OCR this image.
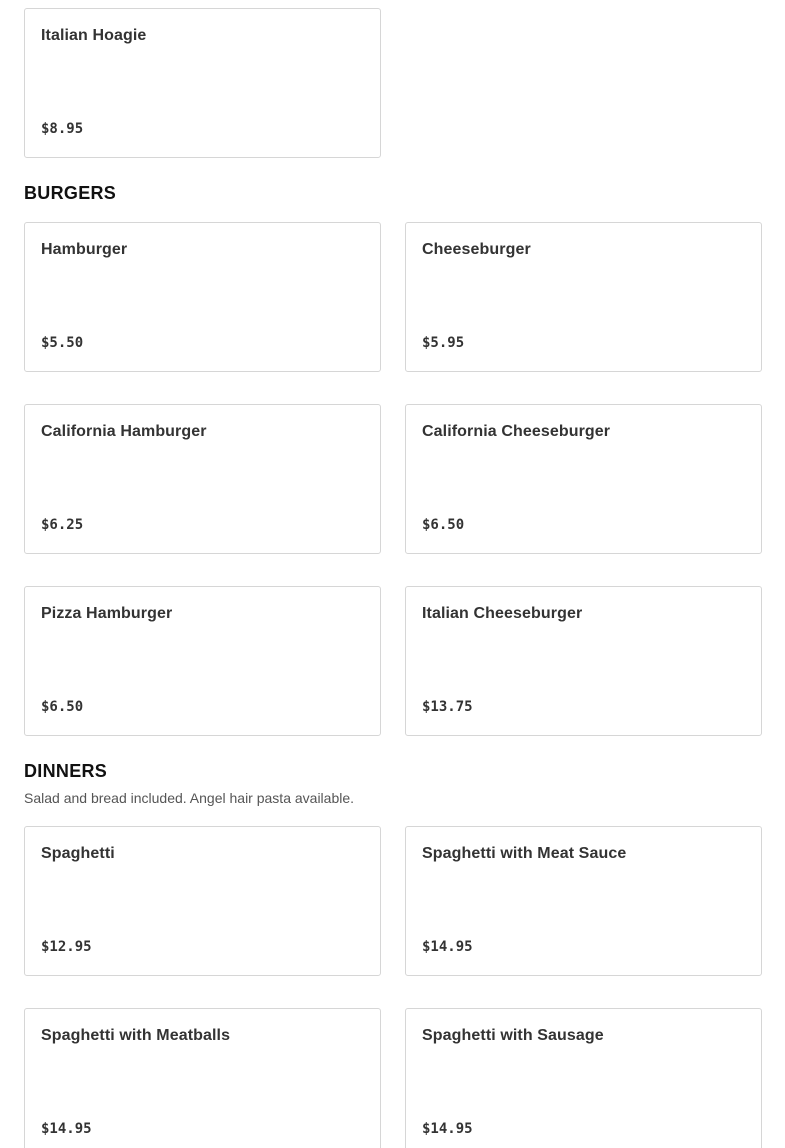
Italian Hoagie
$8.95
BURGERS
Hamburger
$5.50
Cheeseburger
$5.95
California Hamburger
$6.25
California Cheeseburger
$6.50
Pizza Hamburger
$6.50
Italian Cheeseburger
$13.75
DINNERS

Salad and bread included. Angel hair pasta available.

Spaghetti
$12.95
Spaghetti with Meat Sauce
$14.95
Spaghetti with Meatballs
$14.95
Spaghetti with Sausage
$14.95
